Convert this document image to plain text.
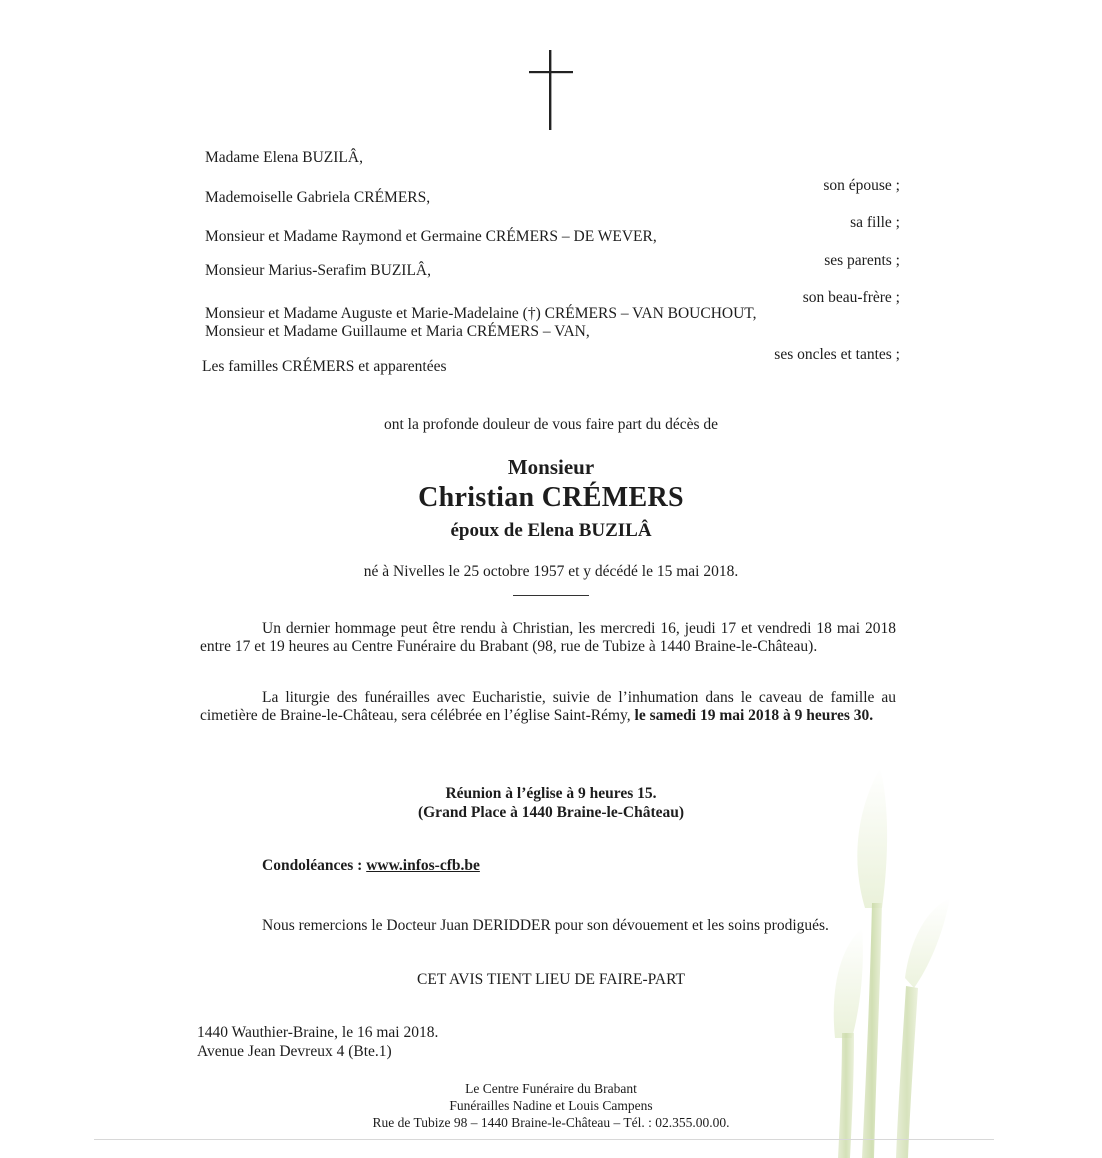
Madame Elena BUZILÂ,
Mademoiselle Gabriela CRÉMERS,
Monsieur et Madame Raymond et Germaine CRÉMERS – DE WEVER,
Monsieur Marius-Serafim BUZILÂ,
Monsieur et Madame Auguste et Marie-Madelaine (†) CRÉMERS – VAN BOUCHOUT,
Monsieur et Madame Guillaume et Maria CRÉMERS – VAN,
Les familles CRÉMERS et apparentées
son épouse ;
sa fille ;
ses parents ;
son beau-frère ;
ses oncles et tantes ;
ont la profonde douleur de vous faire part du décès de
Monsieur
Christian CRÉMERS
époux de Elena BUZILÂ
né à Nivelles le 25 octobre 1957 et y décédé le 15 mai 2018.
Un dernier hommage peut être rendu à Christian, les mercredi 16, jeudi 17 et vendredi 18 mai 2018 entre 17 et 19 heures au Centre Funéraire du Brabant (98, rue de Tubize à 1440 Braine-le-Château).
La liturgie des funérailles avec Eucharistie, suivie de l’inhumation dans le caveau de famille au cimetière de Braine-le-Château, sera célébrée en l’église Saint-Rémy, le samedi 19 mai 2018 à 9 heures 30.
Réunion à l’église à 9 heures 15.
(Grand Place à 1440 Braine-le-Château)
Condoléances : www.infos-cfb.be
Nous remercions le Docteur Juan DERIDDER pour son dévouement et les soins prodigués.
CET AVIS TIENT LIEU DE FAIRE-PART
1440 Wauthier-Braine, le 16 mai 2018.
Avenue Jean Devreux 4 (Bte.1)
Le Centre Funéraire du Brabant
Funérailles Nadine et Louis Campens
Rue de Tubize 98 – 1440 Braine-le-Château – Tél. : 02.355.00.00.
